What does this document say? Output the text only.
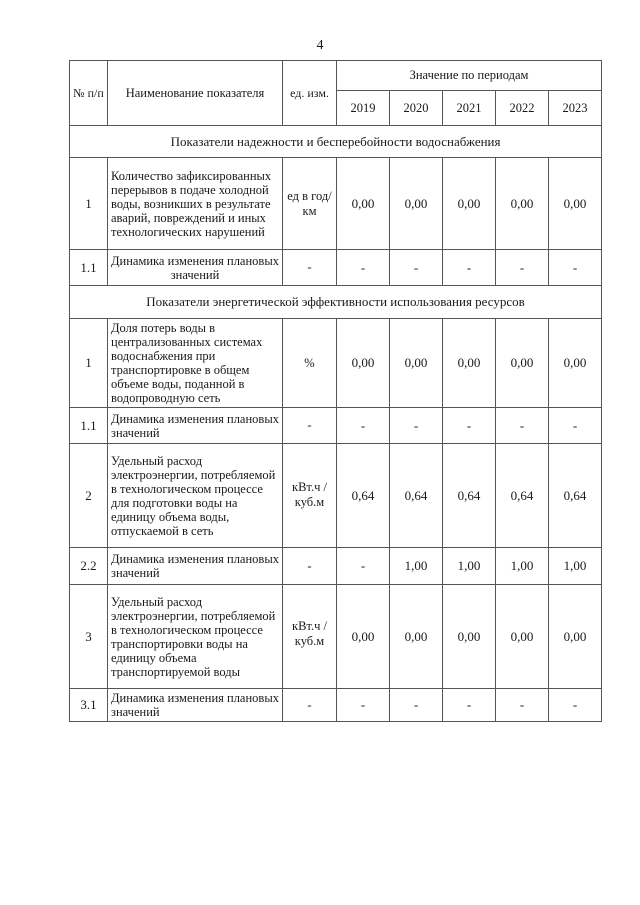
4
№ п/п	Наименование показателя	ед. изм.	Значение по периодам				
			2019	2020	2021	2022	2023
Показатели надежности и бесперебойности водоснабжения							
1	Количество зафиксированных перерывов в подаче холодной воды, возникших в результате аварий, повреждений и иных технологических нарушений	ед в год/ км	0,00	0,00	0,00	0,00	0,00
1.1	Динамика изменения плановых значений	-	-	-	-	-	-
Показатели энергетической эффективности использования ресурсов							
1	Доля потерь воды в централизованных системах водоснабжения при транспортировке в общем объеме воды, поданной в водопроводную сеть	%	0,00	0,00	0,00	0,00	0,00
1.1	Динамика изменения плановых значений	-	-	-	-	-	-
2	Удельный расход электроэнергии, потребляемой в технологическом процессе для подготовки воды на единицу объема воды, отпускаемой в сеть	кВт.ч / куб.м	0,64	0,64	0,64	0,64	0,64
2.2	Динамика изменения плановых значений	-	-	1,00	1,00	1,00	1,00
3	Удельный расход электроэнергии, потребляемой в технологическом процессе транспортировки воды на единицу объема транспортируемой воды	кВт.ч / куб.м	0,00	0,00	0,00	0,00	0,00
3.1	Динамика изменения плановых значений	-	-	-	-	-	-
